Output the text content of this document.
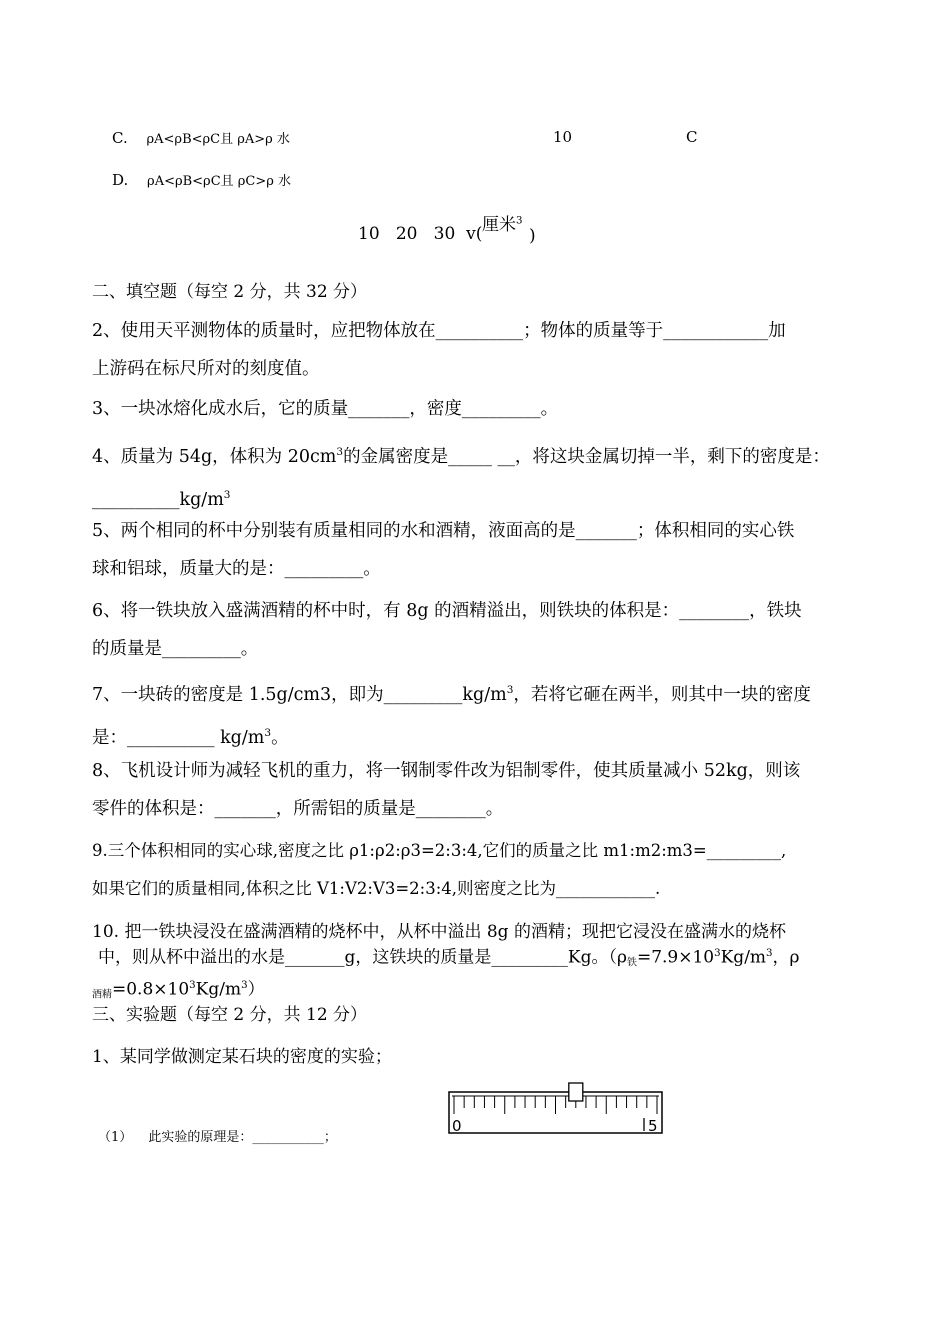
C. ρA<ρB<ρC且 ρA>ρ 水	10	C
D. ρA<ρB<ρC且 ρC>ρ 水
10   20   30  v( 厘米$^3$
)
二、填空题（每空 2 分，共 32 分）
2、使用天平测物体的质量时，应把物体放在__________；物体的质量等于____________加
上游码在标尺所对的刻度值。
3、一块冰熔化成水后，它的质量_______，密度_________。
4、质量为 54g，体积为 $20cm^3$的金属密度是_____ __，将这块金属切掉一半，剩下的密度是：
$\_\_\_\_\_\_\_\_\_\_kg/m^3$
5、两个相同的杯中分别装有质量相同的水和酒精，液面高的是_______；体积相同的实心铁
球和铝球，质量大的是：_________。
6、将一铁块放入盛满酒精的杯中时，有 8g 的酒精溢出，则铁块的体积是：________，铁块
的质量是_________。
7、一块砖的密度是 1.5g/cm3，即为$\_\_\_\_\_\_\_\_\_kg/m^3$，若将它砸在两半，则其中一块的密度
是：__________ $kg/m^3$。
8、飞机设计师为减轻飞机的重力，将一钢制零件改为铝制零件，使其质量减小 52kg，则该
零件的体积是：_______，所需铝的质量是________。
9.三个体积相同的实心球,密度之比 ρ1:ρ2:ρ3=2:3:4,它们的质量之比 m1:m2:m3=_________,
如果它们的质量相同,体积之比 V1:V2:V3=2:3:4,则密度之比为____________.
10. 把一铁块浸没在盛满酒精的烧杯中，从杯中溢出 8g 的酒精；现把它浸没在盛满水的烧杯
中，则从杯中溢出的水是_______g，这铁块的质量是_________Kg。（ρ铁$=7.9\times 10^3Kg/m^3$，ρ
酒精$=0.8\times 10^3Kg/m^3$）
三、实验题（每空 2 分，共 12 分）
1、某同学做测定某石块的密度的实验；
（1） 此实验的原理是：___________；
0	5
